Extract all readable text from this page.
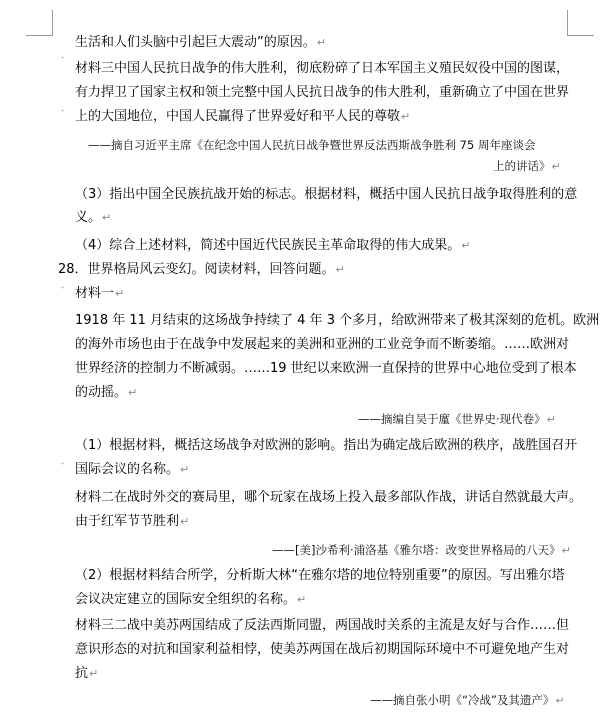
⁺
⁺
⁺
⁺
生活和人们头脑中引起巨大震动”的原因。↵
材料三中国人民抗日战争的伟大胜利，彻底粉碎了日本军国主义殖民奴役中国的图谋，
有力捍卫了国家主权和领土完整中国人民抗日战争的伟大胜利，重新确立了中国在世界
上的大国地位，中国人民赢得了世界爱好和平人民的尊敬↵
——摘自习近平主席《在纪念中国人民抗日战争暨世界反法西斯战争胜利 75 周年座谈会
上的讲话》↵
（3）指出中国全民族抗战开始的标志。根据材料，概括中国人民抗日战争取得胜利的意
义。↵
（4）综合上述材料，简述中国近代民族民主革命取得的伟大成果。↵
28．世界格局风云变幻。阅读材料，回答问题。↵
材料一↵
1918 年 11 月结束的这场战争持续了 4 年 3 个多月，给欧洲带来了极其深刻的危机。欧洲
的海外市场也由于在战争中发展起来的美洲和亚洲的工业竞争而不断萎缩。……欧洲对
世界经济的控制力不断减弱。……19 世纪以来欧洲一直保持的世界中心地位受到了根本
的动摇。↵
——摘编自吴于廑《世界史·现代卷》↵
（1）根据材料，概括这场战争对欧洲的影响。指出为确定战后欧洲的秩序，战胜国召开
国际会议的名称。↵
材料二在战时外交的赛局里，哪个玩家在战场上投入最多部队作战，讲话自然就最大声。
由于红军节节胜利↵
——[美]沙希利·浦洛基《雅尔塔：改变世界格局的八天》↵
（2）根据材料结合所学，分析斯大林“在雅尔塔的地位特别重要”的原因。写出雅尔塔
会议决定建立的国际安全组织的名称。↵
材料三二战中美苏两国结成了反法西斯同盟，两国战时关系的主流是友好与合作……但
意识形态的对抗和国家利益相悖，使美苏两国在战后初期国际环境中不可避免地产生对
抗↵
——摘自张小明《“冷战”及其遗产》↵
